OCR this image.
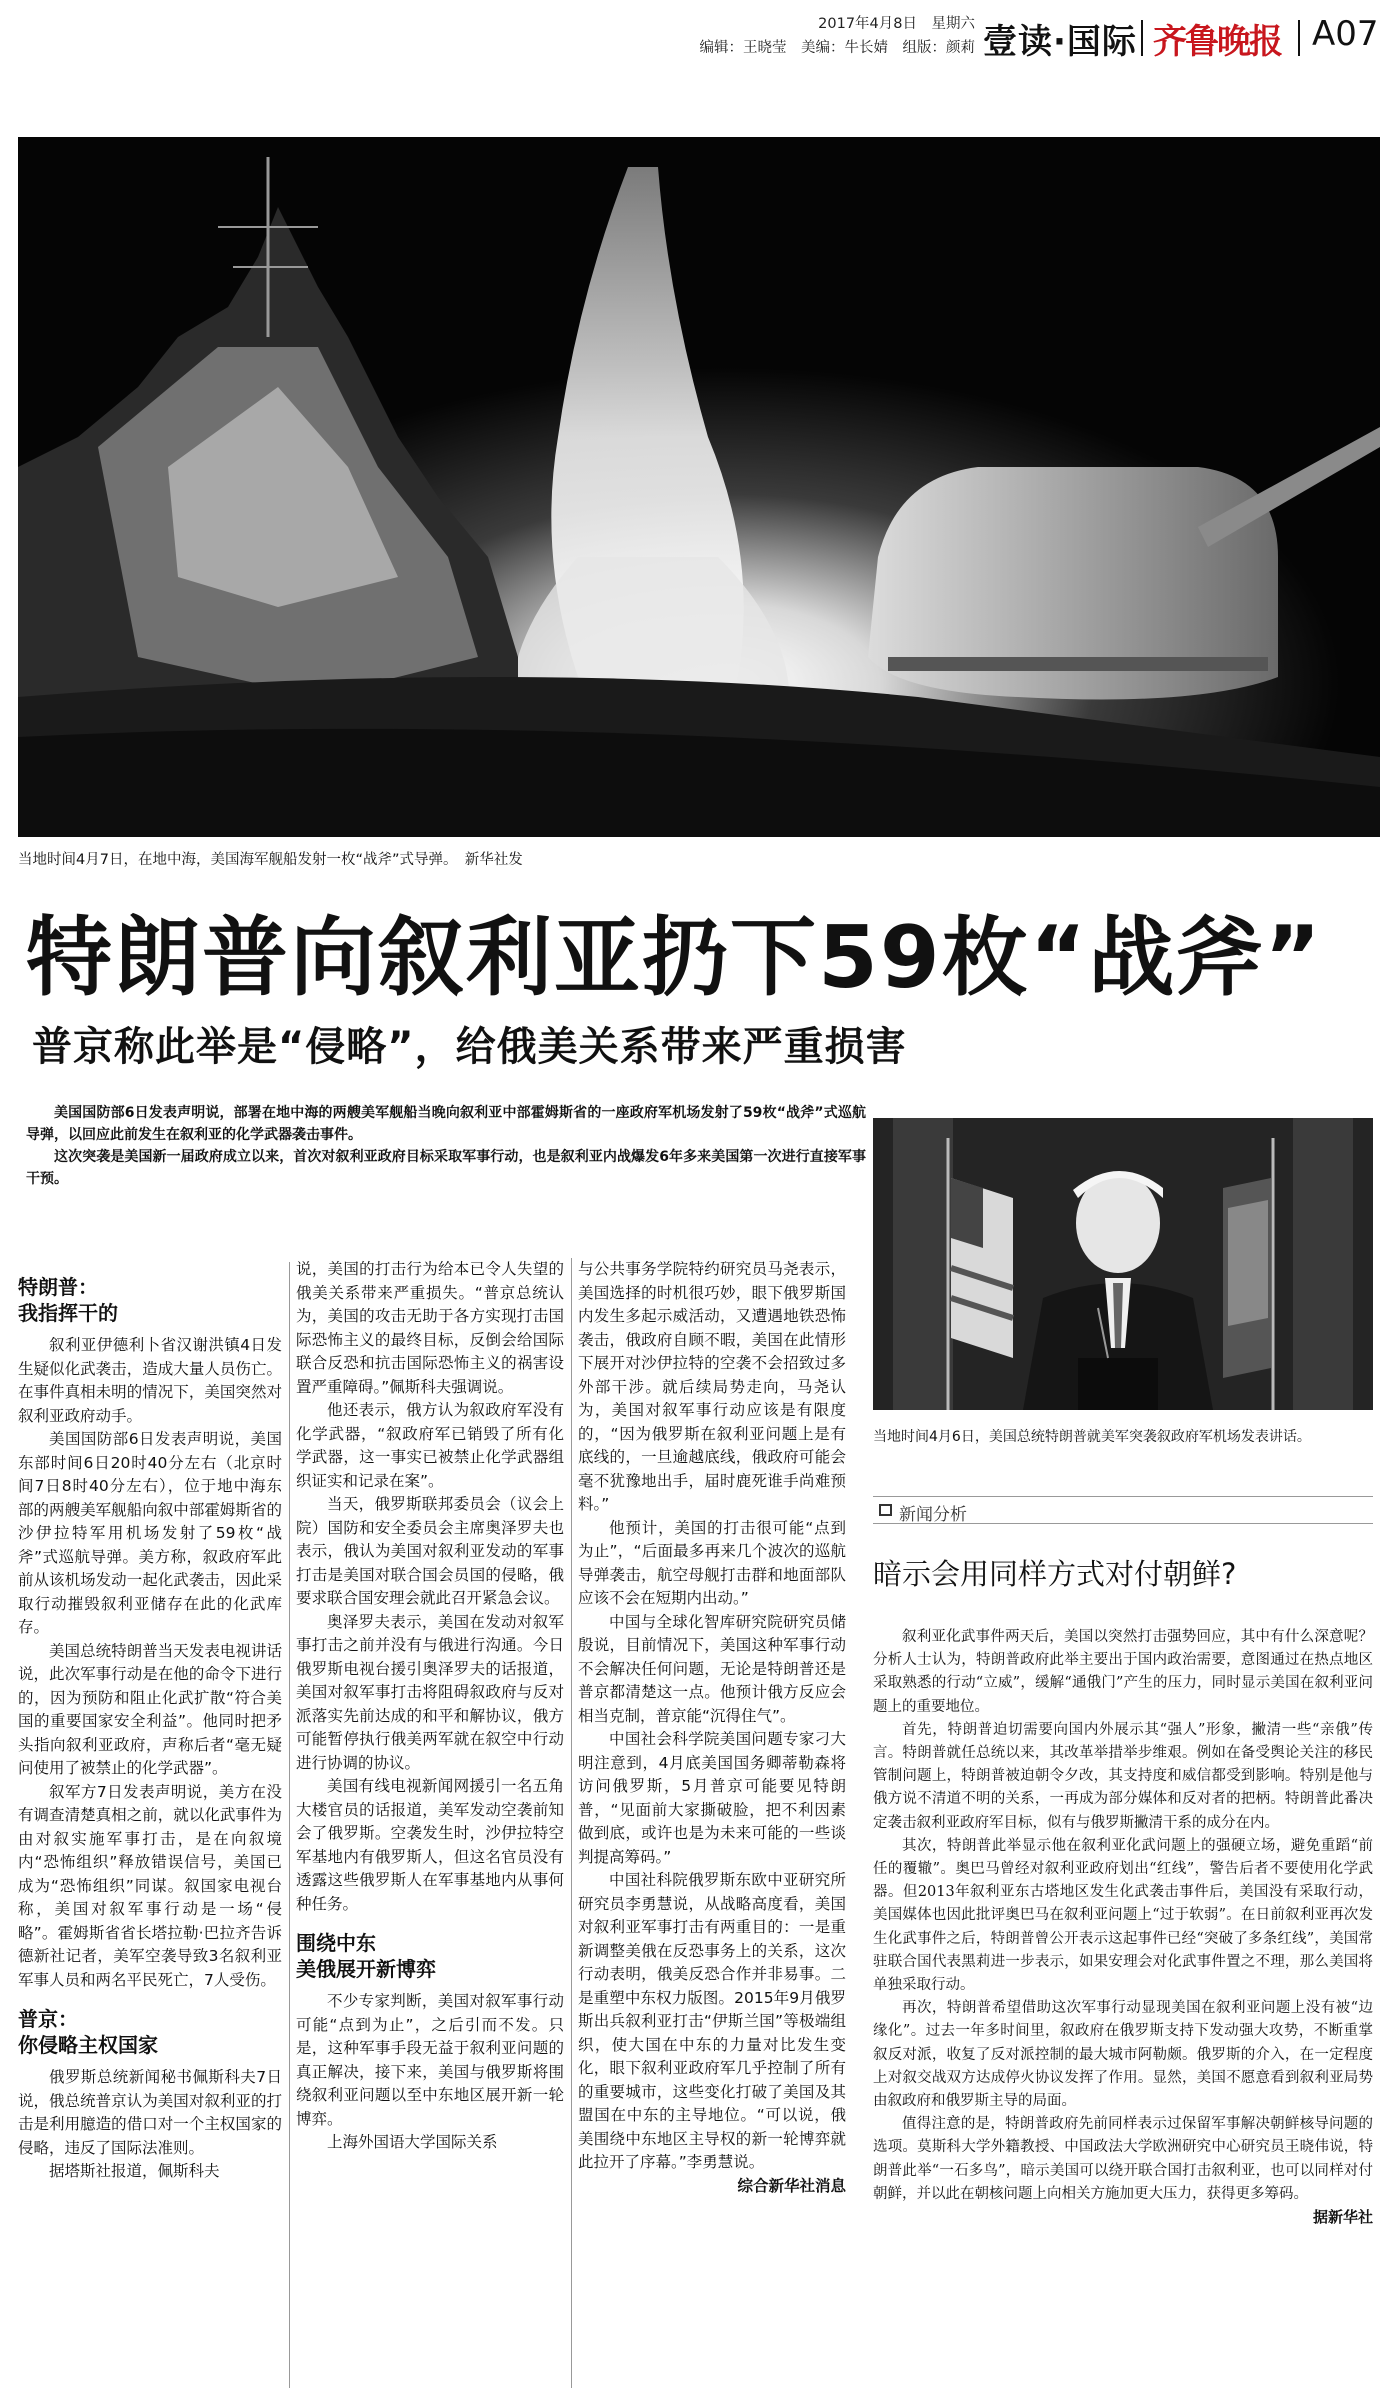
2017年4月8日　星期六
编辑：王晓莹　美编：牛长婧　组版：颜莉 壹读·国际 齐鲁晚报 A07
当地时间4月7日，在地中海，美国海军舰船发射一枚“战斧”式导弹。　新华社发
特朗普向叙利亚扔下59枚“战斧”
普京称此举是“侵略”，给俄美关系带来严重损害

美国国防部6日发表声明说，部署在地中海的两艘美军舰船当晚向叙利亚中部霍姆斯省的一座政府军机场发射了59枚“战斧”式巡航导弹，以回应此前发生在叙利亚的化学武器袭击事件。

这次突袭是美国新一届政府成立以来，首次对叙利亚政府目标采取军事行动，也是叙利亚内战爆发6年多来美国第一次进行直接军事干预。

特朗普：
我指挥干的

叙利亚伊德利卜省汉谢洪镇4日发生疑似化武袭击，造成大量人员伤亡。在事件真相未明的情况下，美国突然对叙利亚政府动手。

美国国防部6日发表声明说，美国东部时间6日20时40分左右（北京时间7日8时40分左右），位于地中海东部的两艘美军舰船向叙中部霍姆斯省的沙伊拉特军用机场发射了59枚“战斧”式巡航导弹。美方称，叙政府军此前从该机场发动一起化武袭击，因此采取行动摧毁叙利亚储存在此的化武库存。

美国总统特朗普当天发表电视讲话说，此次军事行动是在他的命令下进行的，因为预防和阻止化武扩散“符合美国的重要国家安全利益”。他同时把矛头指向叙利亚政府，声称后者“毫无疑问使用了被禁止的化学武器”。

叙军方7日发表声明说，美方在没有调查清楚真相之前，就以化武事件为由对叙实施军事打击，是在向叙境内“恐怖组织”释放错误信号，美国已成为“恐怖组织”同谋。叙国家电视台称，美国对叙军事行动是一场“侵略”。霍姆斯省省长塔拉勒·巴拉齐告诉德新社记者，美军空袭导致3名叙利亚军事人员和两名平民死亡，7人受伤。

普京：
你侵略主权国家

俄罗斯总统新闻秘书佩斯科夫7日说，俄总统普京认为美国对叙利亚的打击是利用臆造的借口对一个主权国家的侵略，违反了国际法准则。

据塔斯社报道，佩斯科夫

说，美国的打击行为给本已令人失望的俄美关系带来严重损失。“普京总统认为，美国的攻击无助于各方实现打击国际恐怖主义的最终目标，反倒会给国际联合反恐和抗击国际恐怖主义的祸害设置严重障碍。”佩斯科夫强调说。

他还表示，俄方认为叙政府军没有化学武器，“叙政府军已销毁了所有化学武器，这一事实已被禁止化学武器组织证实和记录在案”。

当天，俄罗斯联邦委员会（议会上院）国防和安全委员会主席奥泽罗夫也表示，俄认为美国对叙利亚发动的军事打击是美国对联合国会员国的侵略，俄要求联合国安理会就此召开紧急会议。

奥泽罗夫表示，美国在发动对叙军事打击之前并没有与俄进行沟通。今日俄罗斯电视台援引奥泽罗夫的话报道，美国对叙军事打击将阻碍叙政府与反对派落实先前达成的和平和解协议，俄方可能暂停执行俄美两军就在叙空中行动进行协调的协议。

美国有线电视新闻网援引一名五角大楼官员的话报道，美军发动空袭前知会了俄罗斯。空袭发生时，沙伊拉特空军基地内有俄罗斯人，但这名官员没有透露这些俄罗斯人在军事基地内从事何种任务。

围绕中东
美俄展开新博弈

不少专家判断，美国对叙军事行动可能“点到为止”，之后引而不发。只是，这种军事手段无益于叙利亚问题的真正解决，接下来，美国与俄罗斯将围绕叙利亚问题以至中东地区展开新一轮博弈。

上海外国语大学国际关系

与公共事务学院特约研究员马尧表示，美国选择的时机很巧妙，眼下俄罗斯国内发生多起示威活动，又遭遇地铁恐怖袭击，俄政府自顾不暇，美国在此情形下展开对沙伊拉特的空袭不会招致过多外部干涉。就后续局势走向，马尧认为，美国对叙军事行动应该是有限度的，“因为俄罗斯在叙利亚问题上是有底线的，一旦逾越底线，俄政府可能会毫不犹豫地出手，届时鹿死谁手尚难预料。”

他预计，美国的打击很可能“点到为止”，“后面最多再来几个波次的巡航导弹袭击，航空母舰打击群和地面部队应该不会在短期内出动。”

中国与全球化智库研究院研究员储殷说，目前情况下，美国这种军事行动不会解决任何问题，无论是特朗普还是普京都清楚这一点。他预计俄方反应会相当克制，普京能“沉得住气”。

中国社会科学院美国问题专家刁大明注意到，4月底美国国务卿蒂勒森将访问俄罗斯，5月普京可能要见特朗普，“见面前大家撕破脸，把不利因素做到底，或许也是为未来可能的一些谈判提高筹码。”

中国社科院俄罗斯东欧中亚研究所研究员李勇慧说，从战略高度看，美国对叙利亚军事打击有两重目的：一是重新调整美俄在反恐事务上的关系，这次行动表明，俄美反恐合作并非易事。二是重塑中东权力版图。2015年9月俄罗斯出兵叙利亚打击“伊斯兰国”等极端组织，使大国在中东的力量对比发生变化，眼下叙利亚政府军几乎控制了所有的重要城市，这些变化打破了美国及其盟国在中东的主导地位。“可以说，俄美围绕中东地区主导权的新一轮博弈就此拉开了序幕。”李勇慧说。

综合新华社消息
当地时间4月6日，美国总统特朗普就美军突袭叙政府军机场发表讲话。
新闻分析
暗示会用同样方式对付朝鲜?

叙利亚化武事件两天后，美国以突然打击强势回应，其中有什么深意呢？分析人士认为，特朗普政府此举主要出于国内政治需要，意图通过在热点地区采取熟悉的行动“立威”，缓解“通俄门”产生的压力，同时显示美国在叙利亚问题上的重要地位。

首先，特朗普迫切需要向国内外展示其“强人”形象，撇清一些“亲俄”传言。特朗普就任总统以来，其改革举措举步维艰。例如在备受舆论关注的移民管制问题上，特朗普被迫朝令夕改，其支持度和威信都受到影响。特别是他与俄方说不清道不明的关系，一再成为部分媒体和反对者的把柄。特朗普此番决定袭击叙利亚政府军目标，似有与俄罗斯撇清干系的成分在内。

其次，特朗普此举显示他在叙利亚化武问题上的强硬立场，避免重蹈“前任的覆辙”。奥巴马曾经对叙利亚政府划出“红线”，警告后者不要使用化学武器。但2013年叙利亚东古塔地区发生化武袭击事件后，美国没有采取行动，美国媒体也因此批评奥巴马在叙利亚问题上“过于软弱”。在日前叙利亚再次发生化武事件之后，特朗普曾公开表示这起事件已经“突破了多条红线”，美国常驻联合国代表黑莉进一步表示，如果安理会对化武事件置之不理，那么美国将单独采取行动。

再次，特朗普希望借助这次军事行动显现美国在叙利亚问题上没有被“边缘化”。过去一年多时间里，叙政府在俄罗斯支持下发动强大攻势，不断重掌叙反对派，收复了反对派控制的最大城市阿勒颇。俄罗斯的介入，在一定程度上对叙交战双方达成停火协议发挥了作用。显然，美国不愿意看到叙利亚局势由叙政府和俄罗斯主导的局面。

值得注意的是，特朗普政府先前同样表示过保留军事解决朝鲜核导问题的选项。莫斯科大学外籍教授、中国政法大学欧洲研究中心研究员王晓伟说，特朗普此举“一石多鸟”，暗示美国可以绕开联合国打击叙利亚，也可以同样对付朝鲜，并以此在朝核问题上向相关方施加更大压力，获得更多筹码。
据新华社
